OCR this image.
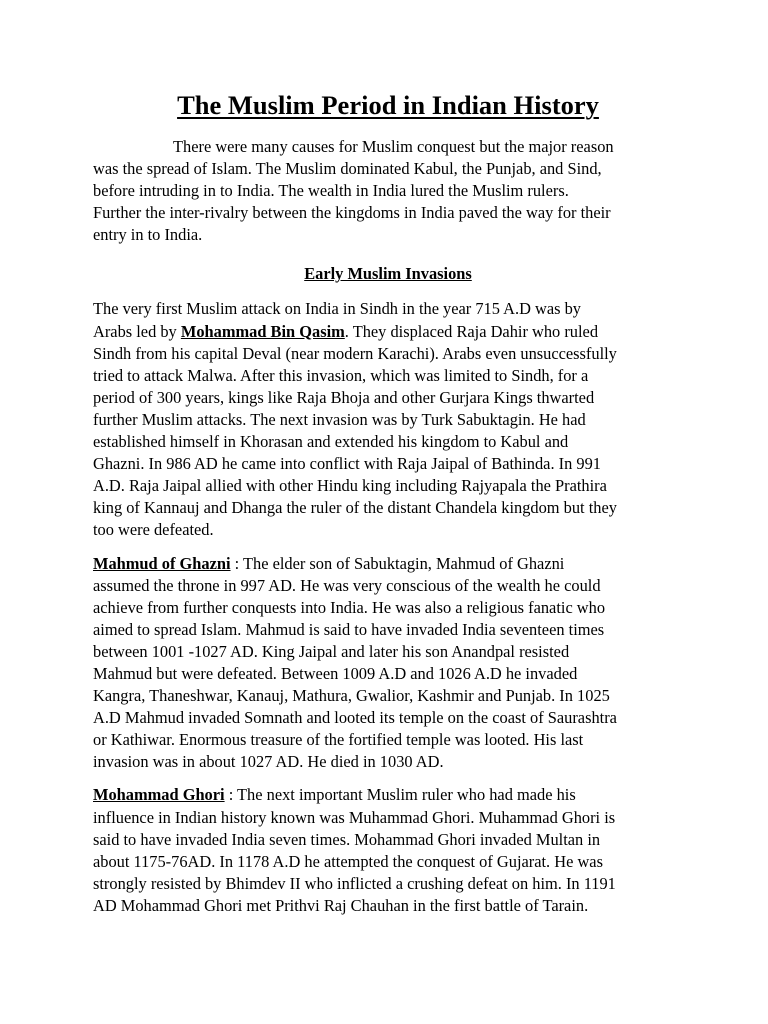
The Muslim Period in Indian History

There were many causes for Muslim conquest but the major reason
was the spread of Islam. The Muslim dominated Kabul, the Punjab, and Sind,
before intruding in to India. The wealth in India lured the Muslim rulers.
Further the inter-rivalry between the kingdoms in India paved the way for their
entry in to India.

Early Muslim Invasions

The very first Muslim attack on India in Sindh in the year 715 A.D was by
Arabs led by Mohammad Bin Qasim. They displaced Raja Dahir who ruled
Sindh from his capital Deval (near modern Karachi). Arabs even unsuccessfully
tried to attack Malwa. After this invasion, which was limited to Sindh, for a
period of 300 years, kings like Raja Bhoja and other Gurjara Kings thwarted
further Muslim attacks. The next invasion was by Turk Sabuktagin. He had
established himself in Khorasan and extended his kingdom to Kabul and
Ghazni. In 986 AD he came into conflict with Raja Jaipal of Bathinda. In 991
A.D. Raja Jaipal allied with other Hindu king including Rajyapala the Prathira
king of Kannauj and Dhanga the ruler of the distant Chandela kingdom but they
too were defeated.

Mahmud of Ghazni : The elder son of Sabuktagin, Mahmud of Ghazni
assumed the throne in 997 AD. He was very conscious of the wealth he could
achieve from further conquests into India. He was also a religious fanatic who
aimed to spread Islam. Mahmud is said to have invaded India seventeen times
between 1001 -1027 AD. King Jaipal and later his son Anandpal resisted
Mahmud but were defeated. Between 1009 A.D and 1026 A.D he invaded
Kangra, Thaneshwar, Kanauj, Mathura, Gwalior, Kashmir and Punjab. In 1025
A.D Mahmud invaded Somnath and looted its temple on the coast of Saurashtra
or Kathiwar. Enormous treasure of the fortified temple was looted. His last
invasion was in about 1027 AD. He died in 1030 AD.

Mohammad Ghori : The next important Muslim ruler who had made his
influence in Indian history known was Muhammad Ghori. Muhammad Ghori is
said to have invaded India seven times. Mohammad Ghori invaded Multan in
about 1175-76AD. In 1178 A.D he attempted the conquest of Gujarat. He was
strongly resisted by Bhimdev II who inflicted a crushing defeat on him. In 1191
AD Mohammad Ghori met Prithvi Raj Chauhan in the first battle of Tarain.
